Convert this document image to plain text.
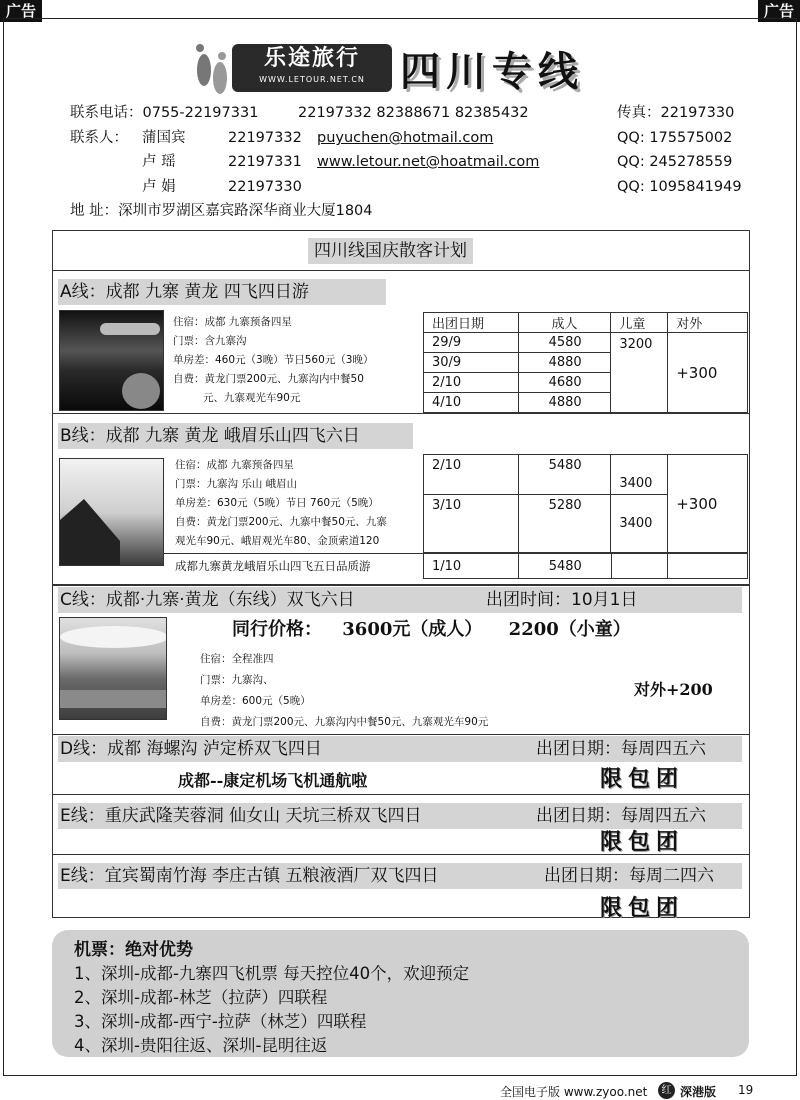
广告	广告
乐途旅行
WWW.LETOUR.NET.CN 四川专线
联系电话：0755-22197331	22197332 82388671 82385432	传真：22197330
联系人： 蒲国宾	22197332 puyuchen@hotmail.com	QQ: 175575002
卢 瑶	22197331 www.letour.net@hoatmail.com	QQ: 245278559
卢 娟	22197330	QQ: 1095841949
地 址：深圳市罗湖区嘉宾路深华商业大厦1804
四川线国庆散客计划
A线：成都 九寨 黄龙 四飞四日游
住宿：成都 九寨预备四星
门票：含九寨沟
单房差：460元（3晚）节日560元（3晚）
自费：黄龙门票200元、九寨沟内中餐50
元、九寨观光车90元
出团日期	成人	儿童	对外
29/9	4580	3200	+300
30/9	4880		
2/10	4680		
4/10	4880		
B线：成都 九寨 黄龙 峨眉乐山四飞六日
住宿：成都 九寨预备四星
门票：九寨沟 乐山 峨眉山
单房差：630元（5晚）节日 760元（5晚）
自费：黄龙门票200元、九寨中餐50元、九寨
观光车90元、峨眉观光车80、金顶索道120
2/10	5480	3400	+300
3/10	5280	3400	
成都九寨黄龙峨眉乐山四飞五日品质游	1/10	5480		
C线：成都·九寨·黄龙（东线）双飞六日	出团时间：10月1日
同行价格： 3600元（成人） 2200（小童）
住宿：全程准四
门票：九寨沟、
单房差：600元（5晚）
自费：黄龙门票200元、九寨沟内中餐50元、九寨观光车90元
对外+200
D线：成都 海螺沟 泸定桥双飞四日	出团日期：每周四五六
成都--康定机场飞机通航啦	限包团
E线：重庆武隆芙蓉洞 仙女山 天坑三桥双飞四日	出团日期：每周四五六
限包团
E线：宜宾蜀南竹海 李庄古镇 五粮液酒厂双飞四日	出团日期：每周二四六
限包团
机票：绝对优势
1、深圳-成都-九寨四飞机票 每天控位40个，欢迎预定
2、深圳-成都-林芝（拉萨）四联程
3、深圳-成都-西宁-拉萨（林芝）四联程
4、深圳-贵阳往返、深圳-昆明往返
全国电子版 www.zyoo.net	红 深港版 19
